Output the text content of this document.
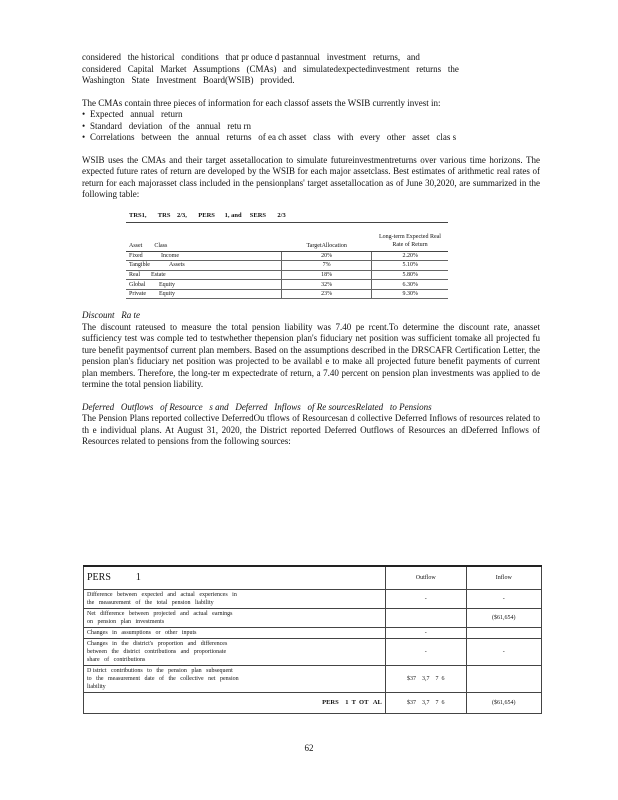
considered   the historical   conditions   that pr oduce d pastannual   investment   returns,   and

considered   Capital   Market   Assumptions   (CMAs)   and   simulatedexpectedinvestment   returns   the

Washington   State   Investment   Board(WSIB)   provided.

The CMAs contain three pieces of information for each classof assets the WSIB currently invest in:

• Expected   annual   return
• Standard   deviation   of the   annual   retu rn
• Correlations   between   the   annual   returns   of ea ch asset   class   with   every   other   asset   clas s

WSIB uses the CMAs and their target assetallocation to simulate futureinvestmentreturns over various time horizons. The expected future rates of return are developed by the WSIB for each major assetclass. Best estimates of arithmetic real rates of return for each majorasset class included in the pensionplans' target assetallocation as of June 30,2020, are summarized in the following table:

TRS1, TRS 2/3, PERS 1, and SERS 2/3		
Asset Class	TargetAllocation	Long-term Expected Real Rate of Return
Fixed Income	20%	2.20%
Tangible Assets	7%	5.10%
Real Estate	18%	5.80%
Global Equity	32%	6.30%
Private Equity	23%	9.30%
Discount   Ra te

The discount rateused to measure the total pension liability was 7.40 pe rcent.To determine the discount rate, anasset sufficiency test was comple ted to testwhether thepension plan's fiduciary net position was sufficient tomake all projected fu ture benefit paymentsof current plan members. Based on the assumptions described in the DRSCAFR Certification Letter, the pension plan's fiduciary net position was projected to be availabl e to make all projected future benefit payments of current plan members. Therefore, the long-ter m expectedrate of return, a 7.40 percent on pension plan investments was applied to de termine the total pension liability.

Deferred   Outflows   of Resource   s and   Deferred   Inflows   of Re sourcesRelated   to Pensions

The Pension Plans reported collective DeferredOu tflows of Resourcesan d collective Deferred Inflows of resources related to th e individual plans. At August 31, 2020, the District reported Deferred Outflows of Resources an dDeferred Inflows of Resources related to pensions from the following sources:

PERS          1	Outflow	Inflow

Difference   between   expected   and   actual   experiences   in
the   measurement   of   the   total   pension   liability	-	-

Net   difference   between   projected   and   actual   earnings
on   pension   plan   investments		($61,654)

Changes   in   assumptions   or   other   inputs	-	

Changes   in   the   district's   proportion   and   differences
between   the   district   contributions   and   proportionate
share   of   contributions	-	-

D istrict   contributions   to   the   pension   plan   subsequent
to   the   measurement   date   of   the   collective   net   pension
liability	$37    3,7    7  6	
PERS    1  T  OT   AL	$37    3,7    7  6	($61,654)
62
